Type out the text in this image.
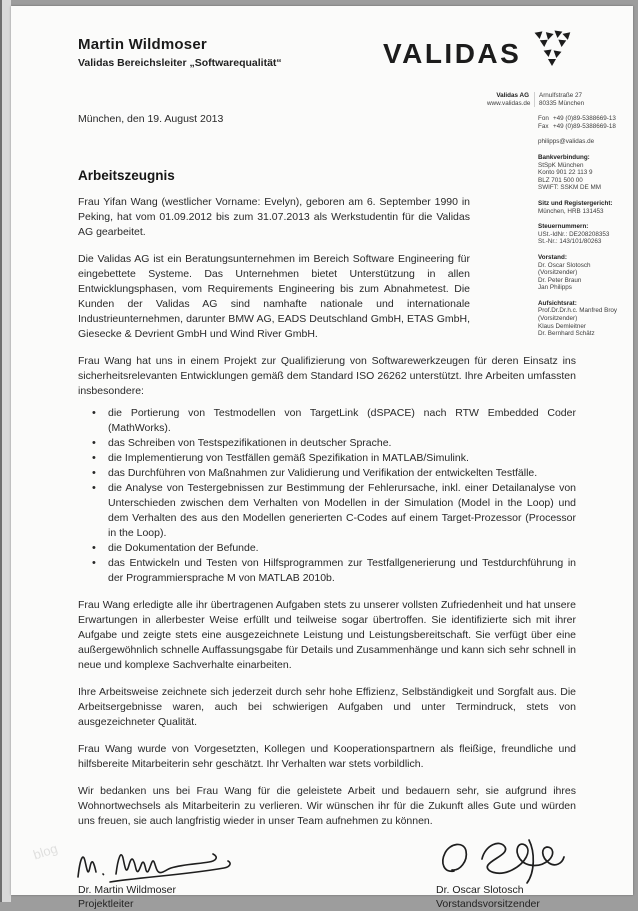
Martin Wildmoser
Validas Bereichsleiter „Softwarequalität“	VALIDAS
Validas AG
www.validas.de
Arnulfstraße 27
80335 München
Fon +49 (0)89-5388669-13
Fax +49 (0)89-5388669-18
philipps@validas.de
Bankverbindung:
StSpK München
Konto 901 22 113 9
BLZ 701 500 00
SWIFT: SSKM DE MM
Sitz und Registergericht:
München, HRB 131453
Steuernummern:
USt.-IdNr.: DE208208353
St.-Nr.: 143/101/80263
Vorstand:
Dr. Oscar Slotosch
(Vorsitzender)
Dr. Peter Braun
Jan Philipps
Aufsichtsrat:
Prof.Dr.Dr.h.c. Manfred Broy
(Vorsitzender)
Klaus Demleitner
Dr. Bernhard Schätz
München, den 19. August 2013
Arbeitszeugnis

Frau Yifan Wang (westlicher Vorname: Evelyn), geboren am 6. September 1990 in Peking, hat vom 01.09.2012 bis zum 31.07.2013 als Werkstudentin für die Validas AG gearbeitet.

Die Validas AG ist ein Beratungsunternehmen im Bereich Software Engineering für eingebettete Systeme. Das Unternehmen bietet Unterstützung in allen Entwicklungsphasen, vom Requirements Engineering bis zum Abnahmetest. Die Kunden der Validas AG sind namhafte nationale und internationale Industrieunternehmen, darunter BMW AG, EADS Deutschland GmbH, ETAS GmbH, Giesecke & Devrient GmbH und Wind River GmbH.

Frau Wang hat uns in einem Projekt zur Qualifizierung von Softwarewerkzeugen für deren Einsatz ins sicherheitsrelevanten Entwicklungen gemäß dem Standard ISO 26262 unterstützt. Ihre Arbeiten umfassten insbesondere:

• die Portierung von Testmodellen von TargetLink (dSPACE) nach RTW Embedded Coder (MathWorks).
• das Schreiben von Testspezifikationen in deutscher Sprache.
• die Implementierung von Testfällen gemäß Spezifikation in MATLAB/Simulink.
• das Durchführen von Maßnahmen zur Validierung und Verifikation der entwickelten Testfälle.
• die Analyse von Testergebnissen zur Bestimmung der Fehlerursache, inkl. einer Detailanalyse von Unterschieden zwischen dem Verhalten von Modellen in der Simulation (Model in the Loop) und dem Verhalten des aus den Modellen generierten C-Codes auf einem Target-Prozessor (Processor in the Loop).
• die Dokumentation der Befunde.
• das Entwickeln und Testen von Hilfsprogrammen zur Testfallgenerierung und Testdurchführung in der Programmiersprache M von MATLAB 2010b.

Frau Wang erledigte alle ihr übertragenen Aufgaben stets zu unserer vollsten Zufriedenheit und hat unsere Erwartungen in allerbester Weise erfüllt und teilweise sogar übertroffen. Sie identifizierte sich mit ihrer Aufgabe und zeigte stets eine ausgezeichnete Leistung und Leistungsbereitschaft. Sie verfügt über eine außergewöhnlich schnelle Auffassungsgabe für Details und Zusammenhänge und kann sich sehr schnell in neue und komplexe Sachverhalte einarbeiten.

Ihre Arbeitsweise zeichnete sich jederzeit durch sehr hohe Effizienz, Selbständigkeit und Sorgfalt aus. Die Arbeitsergebnisse waren, auch bei schwierigen Aufgaben und unter Termindruck, stets von ausgezeichneter Qualität.

Frau Wang wurde von Vorgesetzten, Kollegen und Kooperationspartnern als fleißige, freundliche und hilfsbereite Mitarbeiterin sehr geschätzt. Ihr Verhalten war stets vorbildlich.

Wir bedanken uns bei Frau Wang für die geleistete Arbeit und bedauern sehr, sie aufgrund ihres Wohnortwechsels als Mitarbeiterin zu verlieren. Wir wünschen ihr für die Zukunft alles Gute und würden uns freuen, sie auch langfristig wieder in unser Team aufnehmen zu können.

Dr. Martin Wildmoser
Projektleiter
Dr. Oscar Slotosch
Vorstandsvorsitzender
blog
